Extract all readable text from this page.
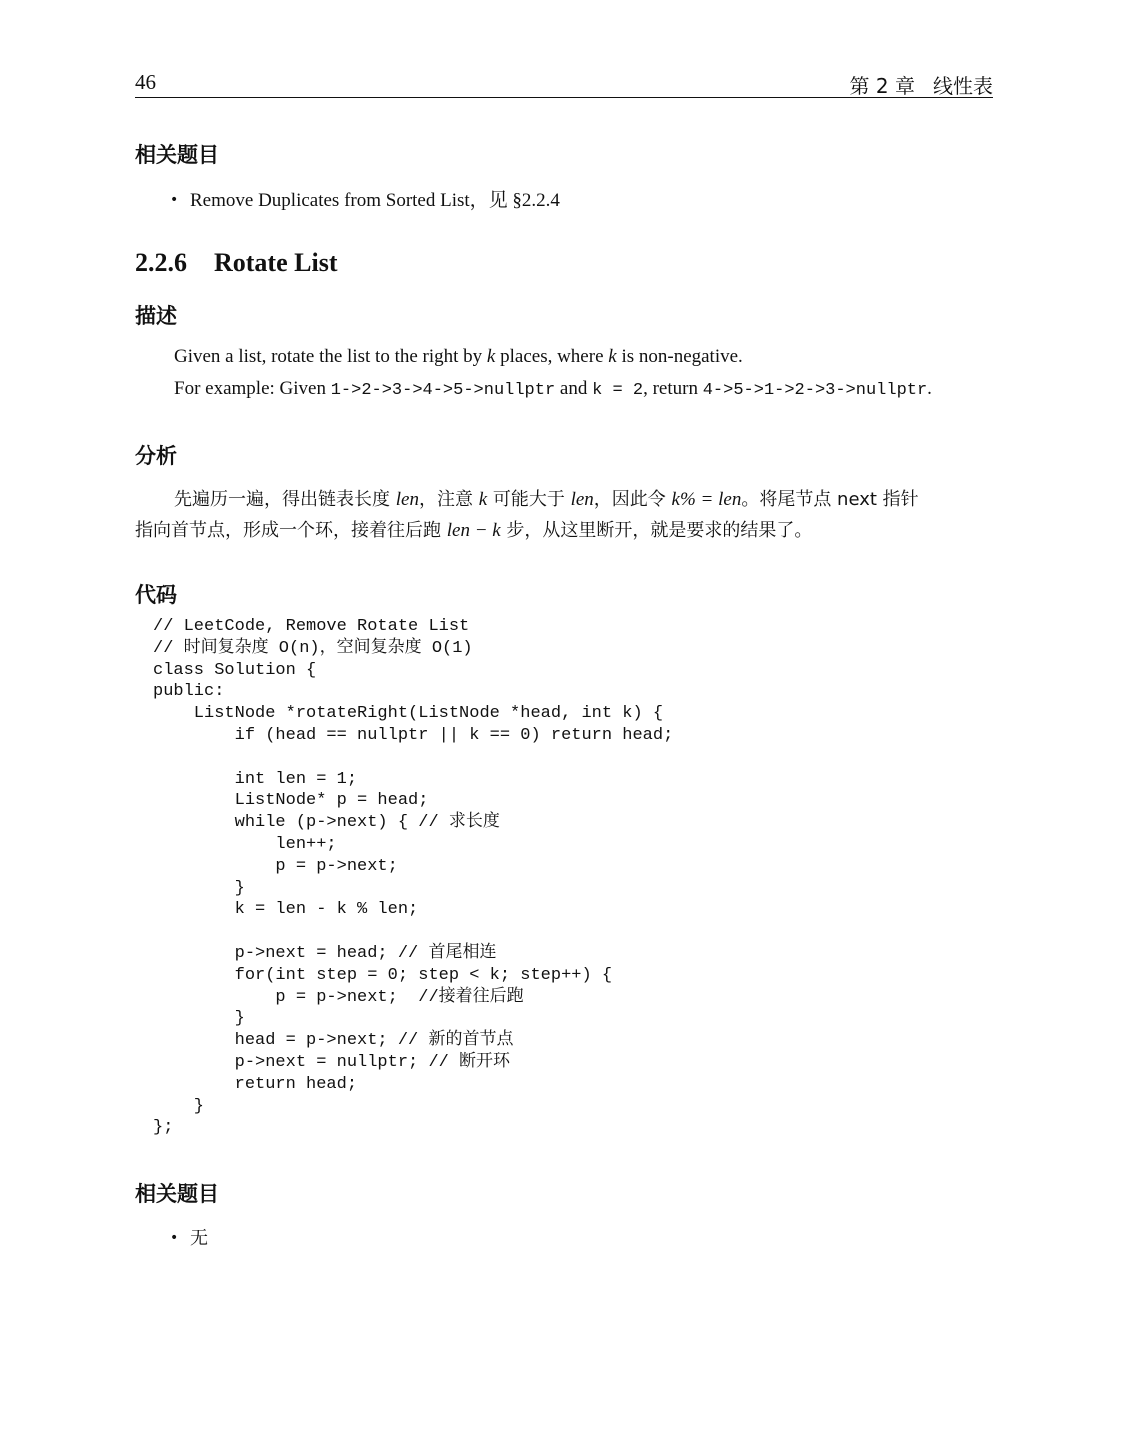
46	第 2 章 线性表
相关题目
• Remove Duplicates from Sorted List，见 §2.2.4
2.2.6 Rotate List
描述
Given a list, rotate the list to the right by k places, where k is non-negative.
For example: Given 1->2->3->4->5->nullptr and k = 2, return 4->5->1->2->3->nullptr.
分析
先遍历一遍，得出链表长度 len，注意 k 可能大于 len，因此令 k% = len。将尾节点 next 指针
指向首节点，形成一个环，接着往后跑 len − k 步，从这里断开，就是要求的结果了。
代码
// LeetCode, Remove Rotate List
// 时间复杂度 O(n)，空间复杂度 O(1)
class Solution {
public:
ListNode *rotateRight(ListNode *head, int k) {
if (head == nullptr || k == 0) return head;
int len = 1;
ListNode* p = head;
while (p->next) { // 求长度
len++;
p = p->next;
}
k = len - k % len;
p->next = head; // 首尾相连
for(int step = 0; step < k; step++) {
p = p->next;  //接着往后跑
}
head = p->next; // 新的首节点
p->next = nullptr; // 断开环
return head;
}
};
相关题目
• 无
